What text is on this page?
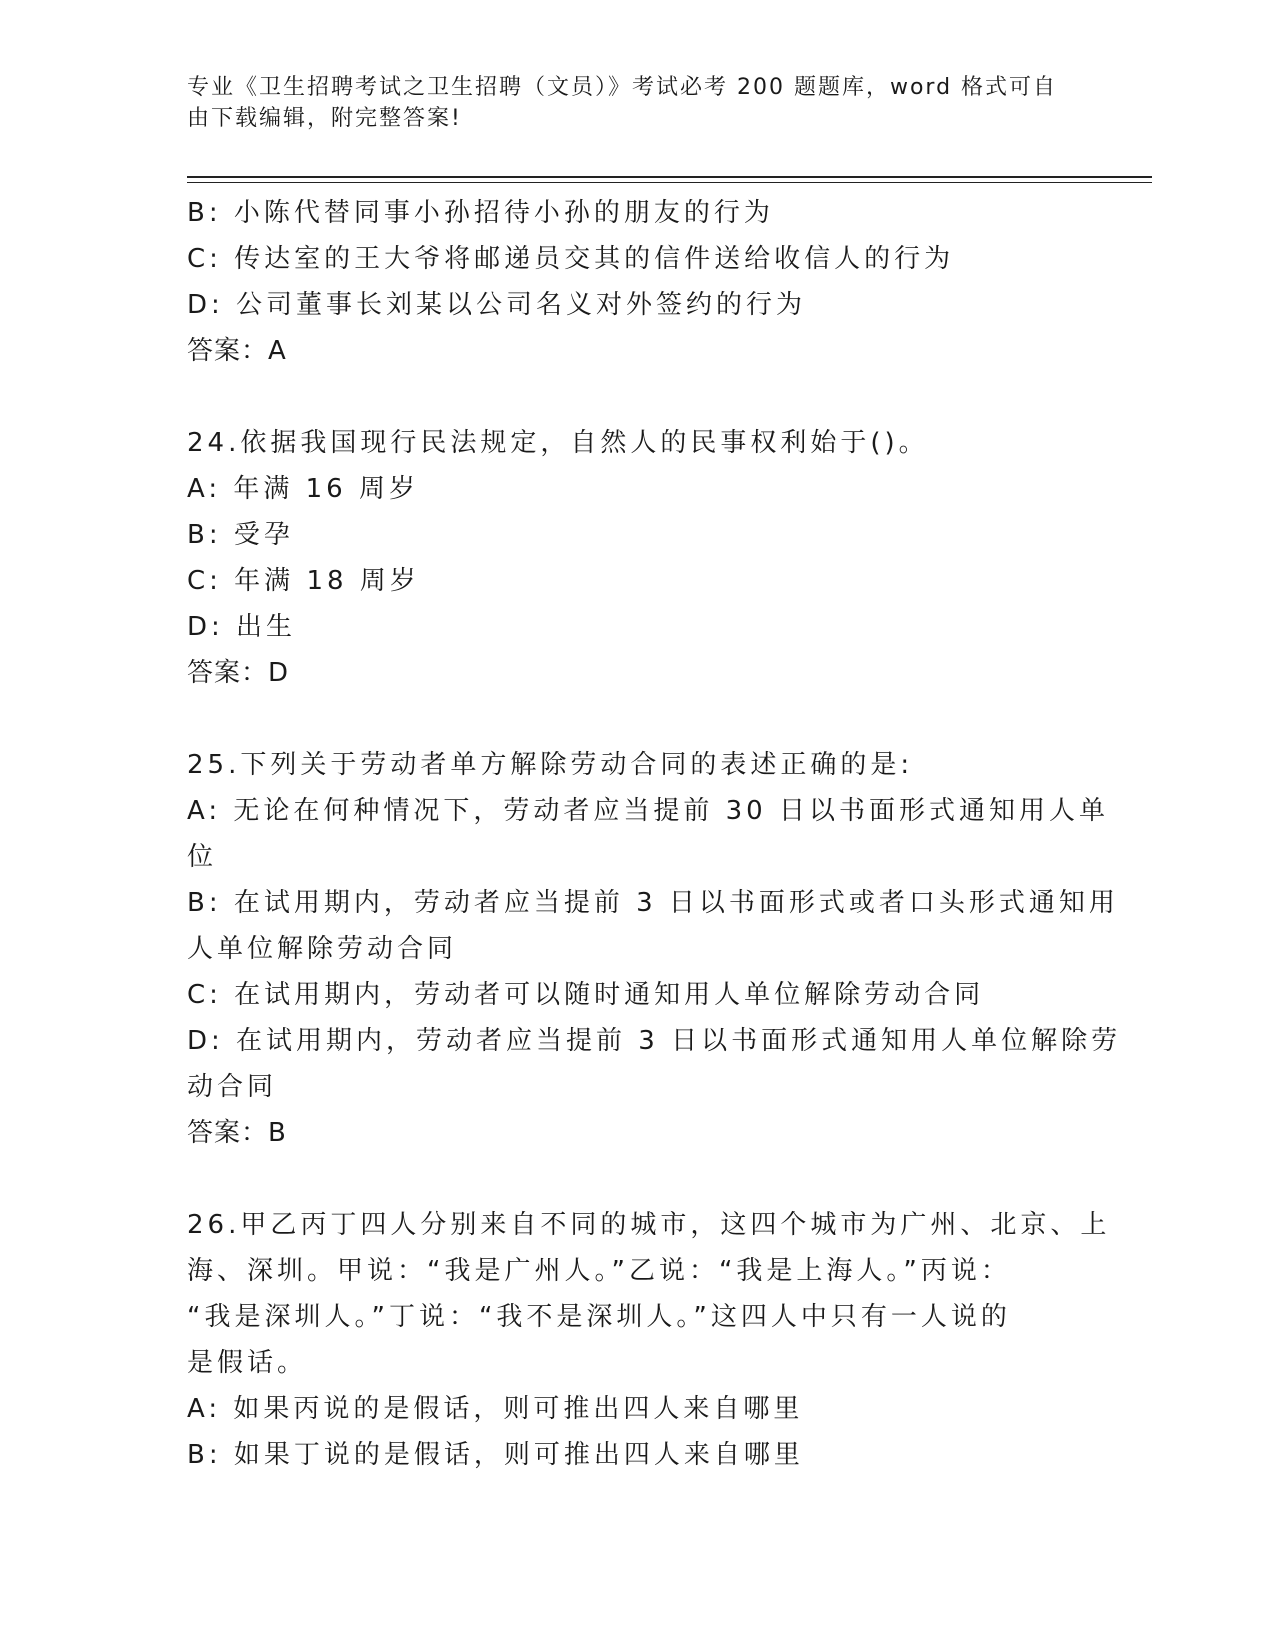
专业《卫生招聘考试之卫生招聘（文员）》考试必考 200 题题库，word 格式可自
由下载编辑，附完整答案!
B: 小陈代替同事小孙招待小孙的朋友的行为
C: 传达室的王大爷将邮递员交其的信件送给收信人的行为
D: 公司董事长刘某以公司名义对外签约的行为
答案：A
24.依据我国现行民法规定，自然人的民事权利始于()。
A: 年满 16 周岁
B: 受孕
C: 年满 18 周岁
D: 出生
答案：D
25.下列关于劳动者单方解除劳动合同的表述正确的是:
A: 无论在何种情况下，劳动者应当提前 30 日以书面形式通知用人单
位
B: 在试用期内，劳动者应当提前 3 日以书面形式或者口头形式通知用
人单位解除劳动合同
C: 在试用期内，劳动者可以随时通知用人单位解除劳动合同
D: 在试用期内，劳动者应当提前 3 日以书面形式通知用人单位解除劳
动合同
答案：B
26.甲乙丙丁四人分别来自不同的城市，这四个城市为广州、北京、上
海、深圳。甲说：“我是广州人。”乙说：“我是上海人。”丙说：
“我是深圳人。”丁说：“我不是深圳人。”这四人中只有一人说的
是假话。
A: 如果丙说的是假话，则可推出四人来自哪里
B: 如果丁说的是假话，则可推出四人来自哪里
